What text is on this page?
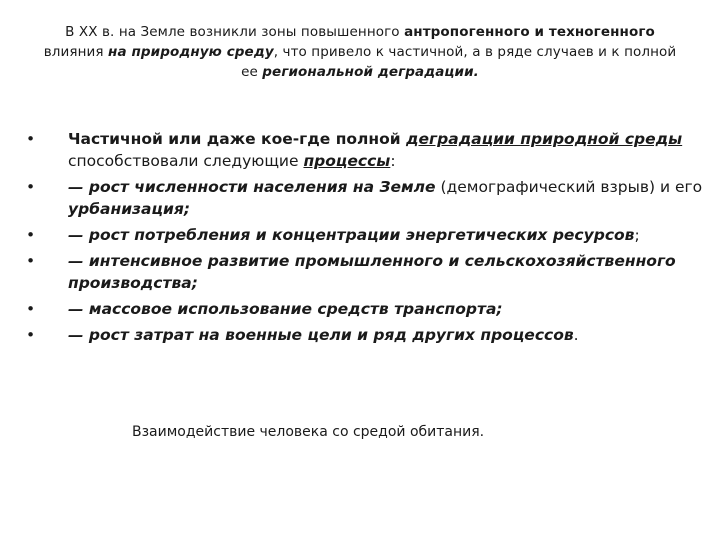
В XX в. на Земле возникли зоны повышенного антропогенного и техногенного влияния на природную среду, что привело к частичной, а в ряде случаев и к полной ее региональной деградации.
• Частичной или даже кое-где полной деградации природной среды способствовали следующие процессы:
• — рост численности населения на Земле (демографический взрыв) и его урбанизация;
• — рост потребления и концентрации энергетических ресурсов;
• — интенсивное развитие промышленного и сельскохозяйственного производства;
• — массовое использование средств транспорта;
• — рост затрат на военные цели и ряд других процессов.
Взаимодействие человека со средой обитания.
